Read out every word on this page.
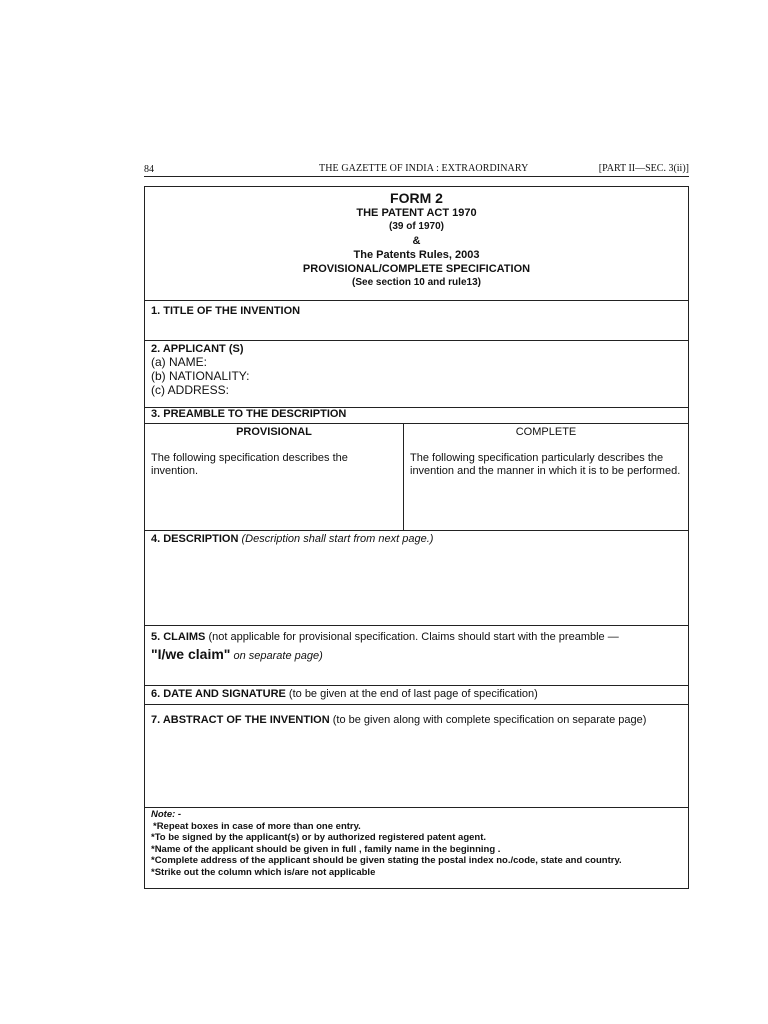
84	THE GAZETTE OF INDIA : EXTRAORDINARY	[PART II—SEC. 3(ii)]
FORM 2
THE PATENT ACT 1970
(39 of 1970)
&
The Patents Rules, 2003
PROVISIONAL/COMPLETE SPECIFICATION
(See section 10 and rule13)
1. TITLE OF THE INVENTION
2. APPLICANT (S)
(a) NAME:
(b) NATIONALITY:
(c) ADDRESS:
3. PREAMBLE TO THE DESCRIPTION
PROVISIONAL
The following specification describes the invention.
COMPLETE
The following specification particularly describes the invention and the manner in which it is to be performed.
4. DESCRIPTION (Description shall start from next page.)
5. CLAIMS (not applicable for provisional specification. Claims should start with the preamble —
"I/we claim" on separate page)
6. DATE AND SIGNATURE (to be given at the end of last page of specification)
7. ABSTRACT OF THE INVENTION (to be given along with complete specification on separate page)
Note: -
*Repeat boxes in case of more than one entry.
*To be signed by the applicant(s) or by authorized registered patent agent.
*Name of the applicant should be given in full , family name in the beginning .
*Complete address of the applicant should be given stating the postal index no./code, state and country.
*Strike out the column which is/are not applicable
